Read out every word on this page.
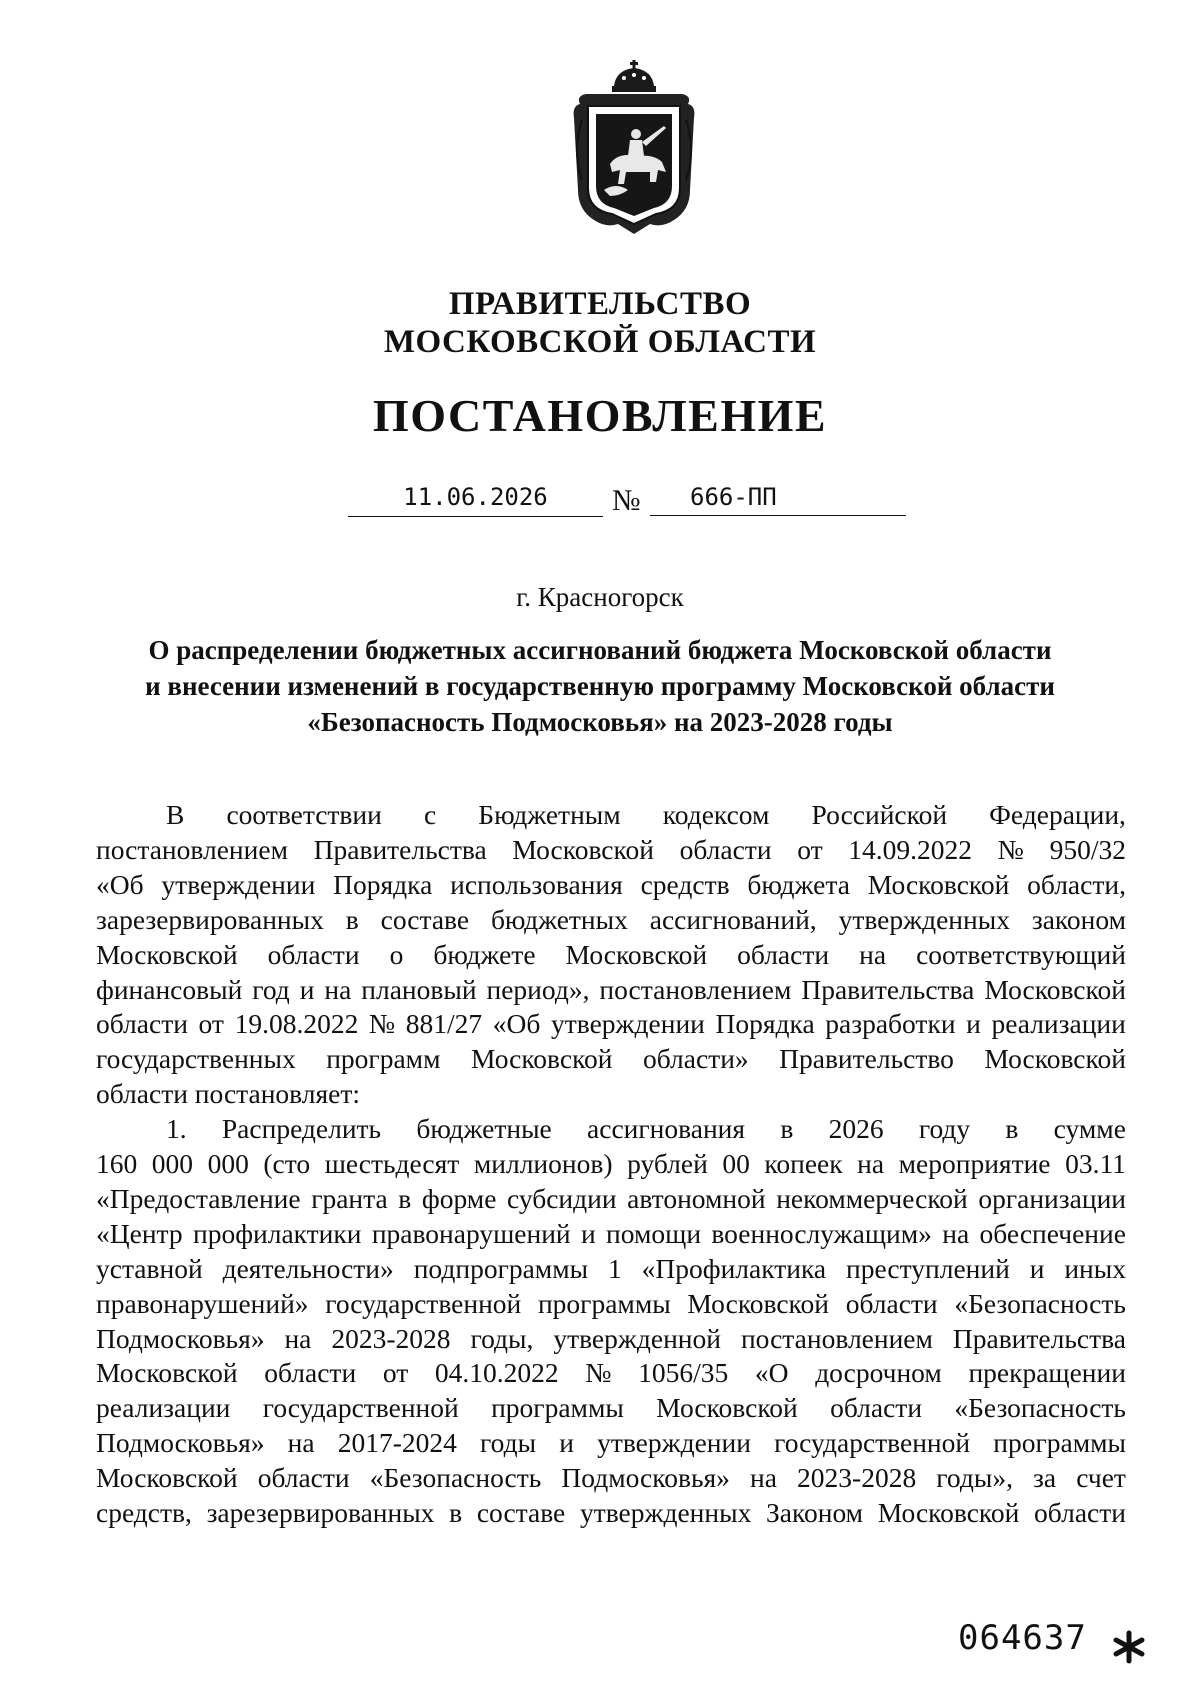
ПРАВИТЕЛЬСТВО
МОСКОВСКОЙ ОБЛАСТИ
ПОСТАНОВЛЕНИЕ
11.06.2026	№	666-ПП
г. Красногорск
О распределении бюджетных ассигнований бюджета Московской области
и внесении изменений в государственную программу Московской области
«Безопасность Подмосковья» на 2023-2028 годы
В соответствии с Бюджетным кодексом Российской Федерации,
постановлением Правительства Московской области от 14.09.2022 № 950/32
«Об утверждении Порядка использования средств бюджета Московской области,
зарезервированных в составе бюджетных ассигнований, утвержденных законом
Московской области о бюджете Московской области на соответствующий
финансовый год и на плановый период», постановлением Правительства Московской
области от 19.08.2022 № 881/27 «Об утверждении Порядка разработки и реализации
государственных программ Московской области» Правительство Московской
области постановляет:
1. Распределить бюджетные ассигнования в 2026 году в сумме
160 000 000 (сто шестьдесят миллионов) рублей 00 копеек на мероприятие 03.11
«Предоставление гранта в форме субсидии автономной некоммерческой организации
«Центр профилактики правонарушений и помощи военнослужащим» на обеспечение
уставной деятельности» подпрограммы 1 «Профилактика преступлений и иных
правонарушений» государственной программы Московской области «Безопасность
Подмосковья» на 2023-2028 годы, утвержденной постановлением Правительства
Московской области от 04.10.2022 № 1056/35 «О досрочном прекращении
реализации государственной программы Московской области «Безопасность
Подмосковья» на 2017-2024 годы и утверждении государственной программы
Московской области «Безопасность Подмосковья» на 2023-2028 годы», за счет
средств, зарезервированных в составе утвержденных Законом Московской области
064637
